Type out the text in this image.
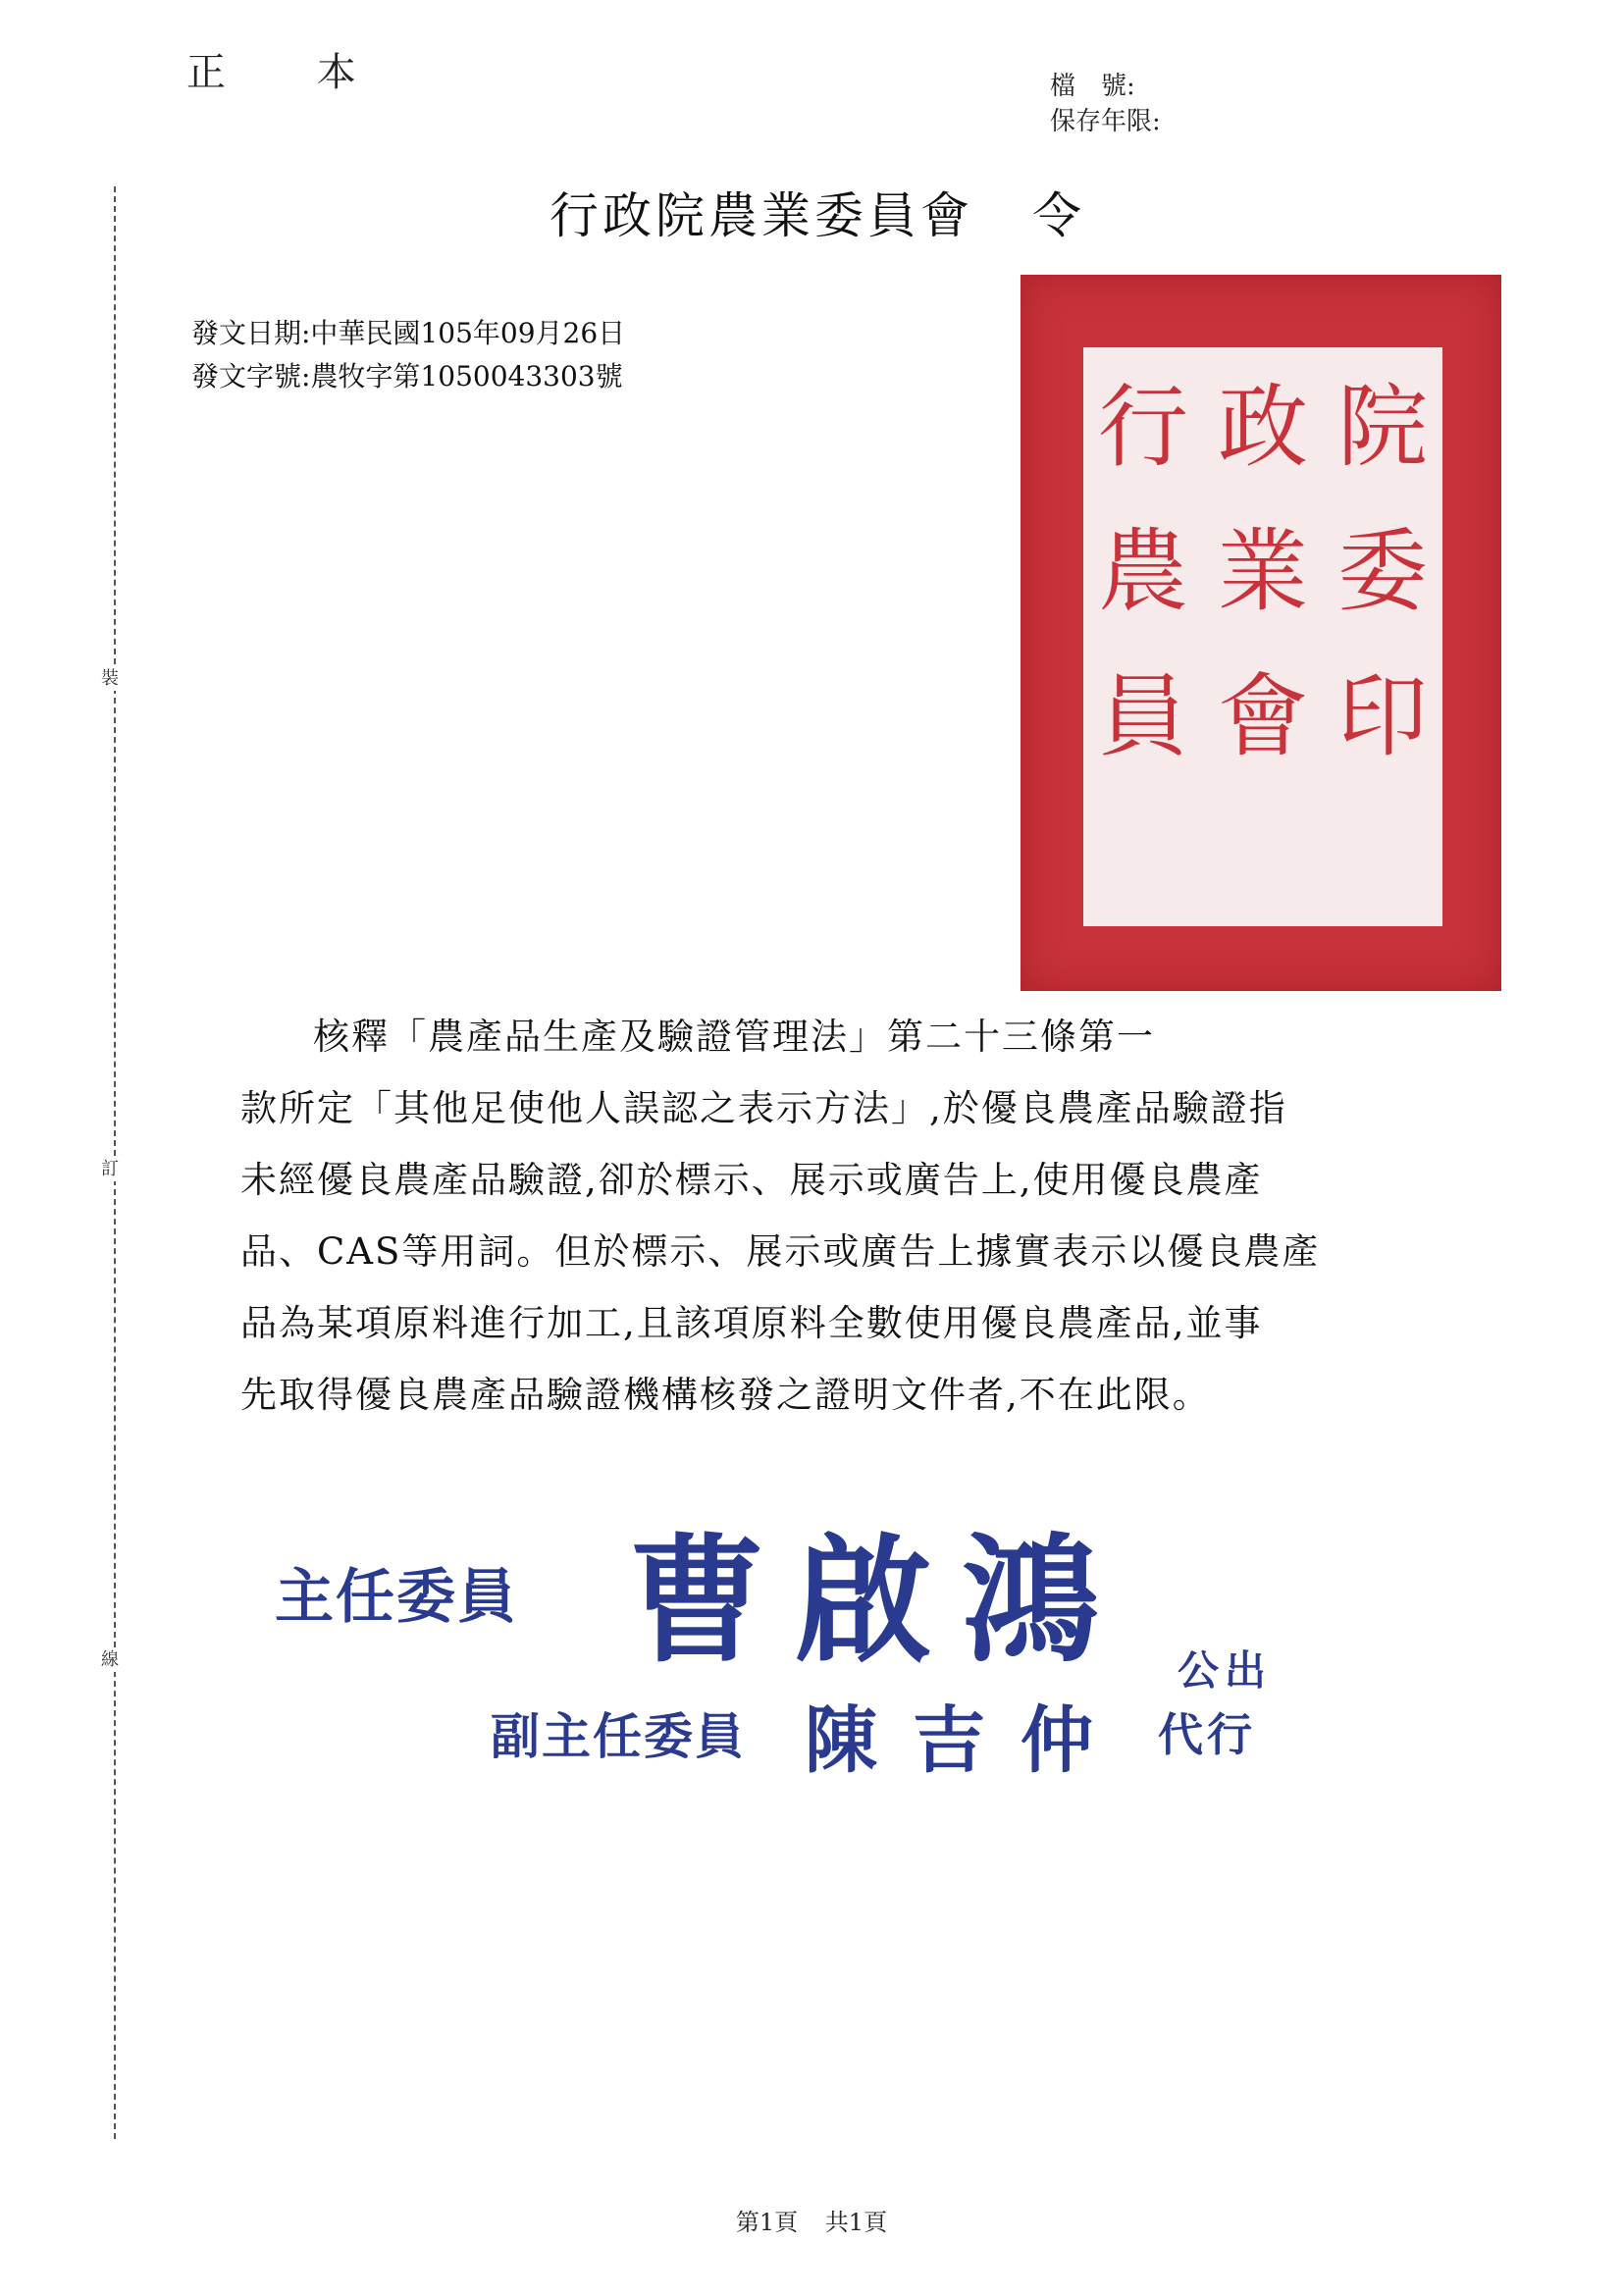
正 本	檔　號:
保存年限:
裝
訂
線
行政院農業委員會 令
發文日期:中華民國105年09月26日
發文字號:農牧字第1050043303號	行 政 院
農 業 委
員 會 印

核釋「農產品生產及驗證管理法」第二十三條第一

款所定「其他足使他人誤認之表示方法」,於優良農產品驗證指

未經優良農產品驗證,卻於標示、展示或廣告上,使用優良農產

品、CAS等用詞。但於標示、展示或廣告上據實表示以優良農產

品為某項原料進行加工,且該項原料全數使用優良農產品,並事

先取得優良農產品驗證機構核發之證明文件者,不在此限。

主任委員 曹啟鴻 公出
副主任委員 陳吉仲 代行
第1頁 共1頁
